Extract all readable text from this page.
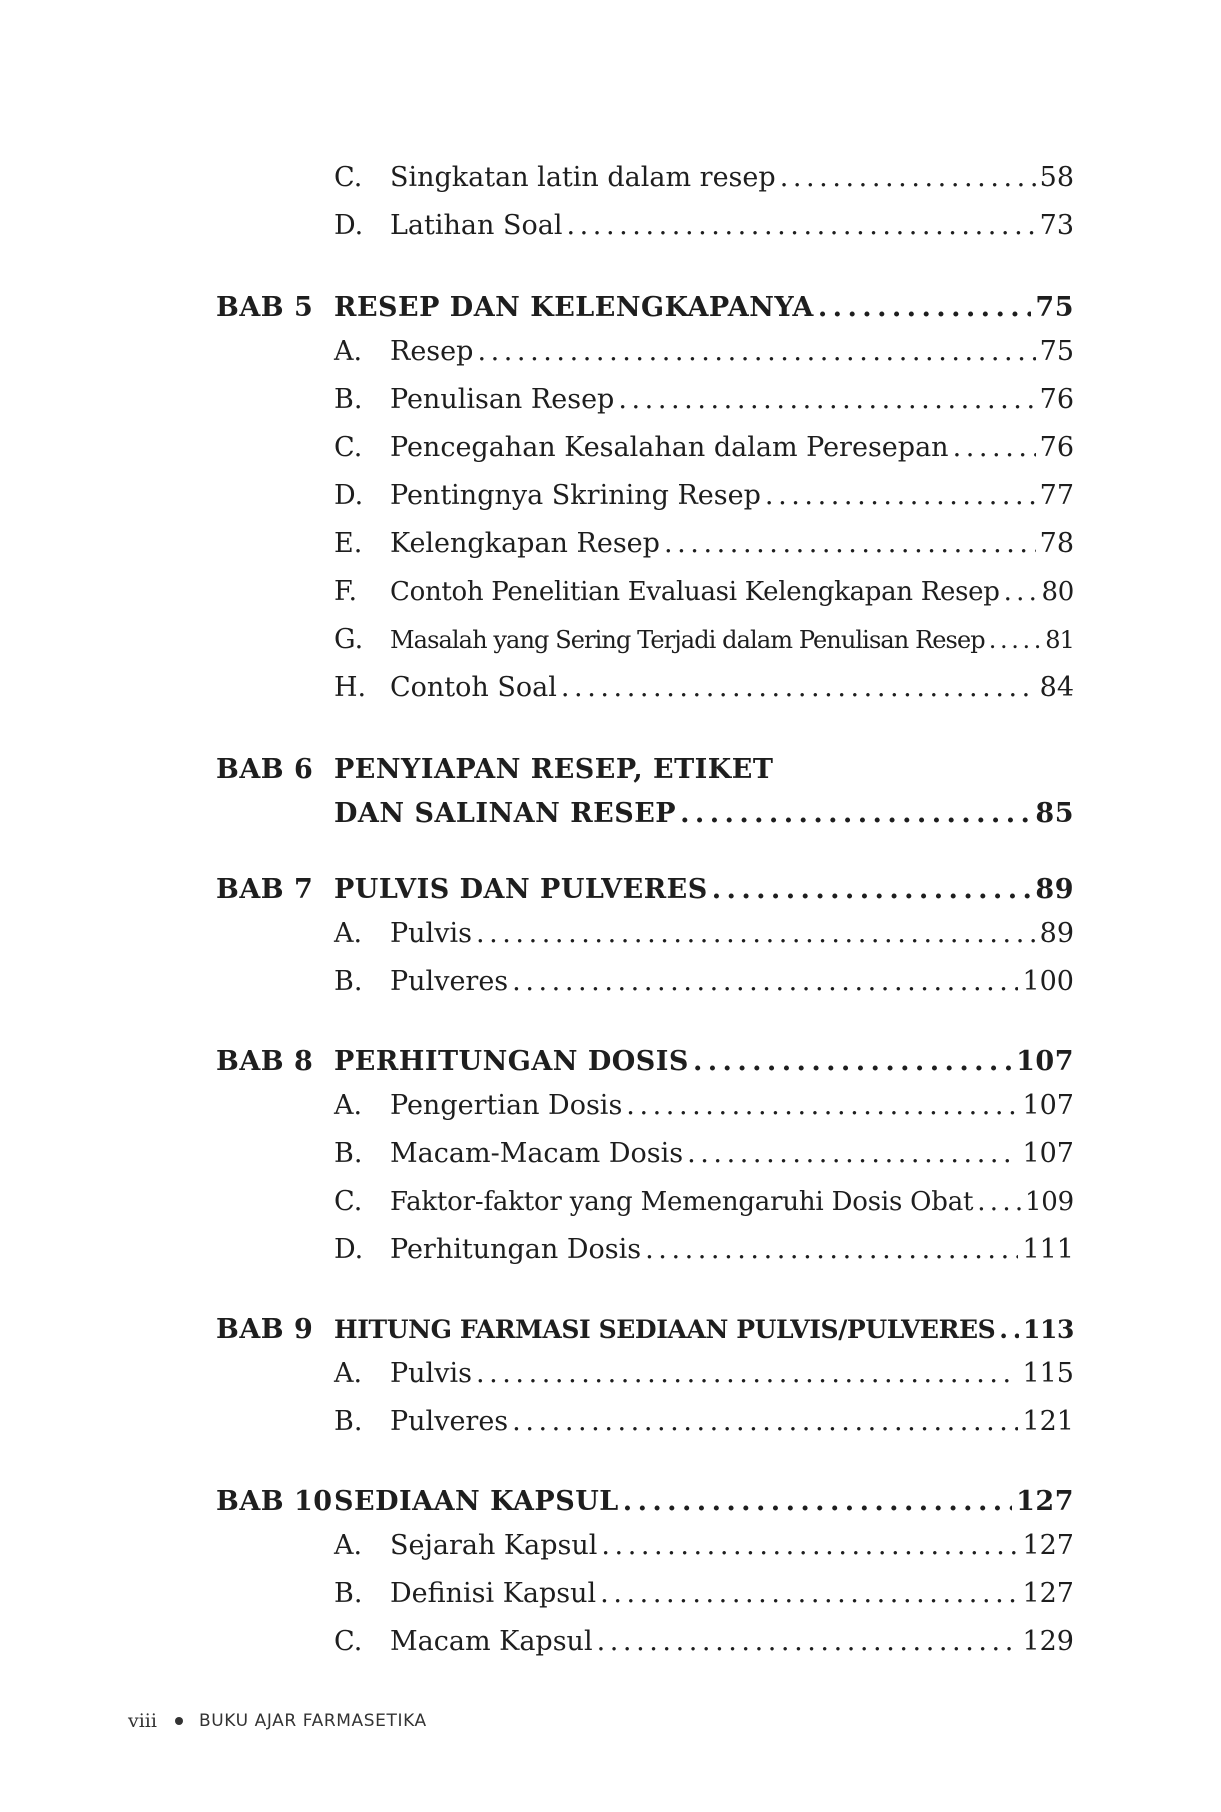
C. Singkatan latin dalam resep . . .	58
D. Latihan Soal . . .	73
BAB 5 RESEP DAN KELENGKAPANYA . . .	75
A. Resep . . .	75
B. Penulisan Resep . . .	76
C. Pencegahan Kesalahan dalam Peresepan . . .	76
D. Pentingnya Skrining Resep . . .	77
E. Kelengkapan Resep . . .	78
F. Contoh Penelitian Evaluasi Kelengkapan Resep . . . 80
G. Masalah yang Sering Terjadi dalam Penulisan Resep . . .	81
H. Contoh Soal . . .	84
BAB 6 PENYIAPAN RESEP, ETIKET
DAN SALINAN RESEP . . .	85
BAB 7 PULVIS DAN PULVERES . . .	89
A. Pulvis . . .	89
B. Pulveres . . .	100
BAB 8 PERHITUNGAN DOSIS . . .	107
A. Pengertian Dosis . . .	107
B. Macam-Macam Dosis . . .	107
C. Faktor-faktor yang Memengaruhi Dosis Obat . . . 109
D. Perhitungan Dosis . . .	111
BAB 9 HITUNG FARMASI SEDIAAN PULVIS/PULVERES . . . 113
A. Pulvis . . .	115
B. Pulveres . . .	121
BAB 10 SEDIAAN KAPSUL . . .	127
A. Sejarah Kapsul . . .	127
B. Definisi Kapsul . . .	127
C. Macam Kapsul . . .	129
viii BUKU AJAR FARMASETIKA
